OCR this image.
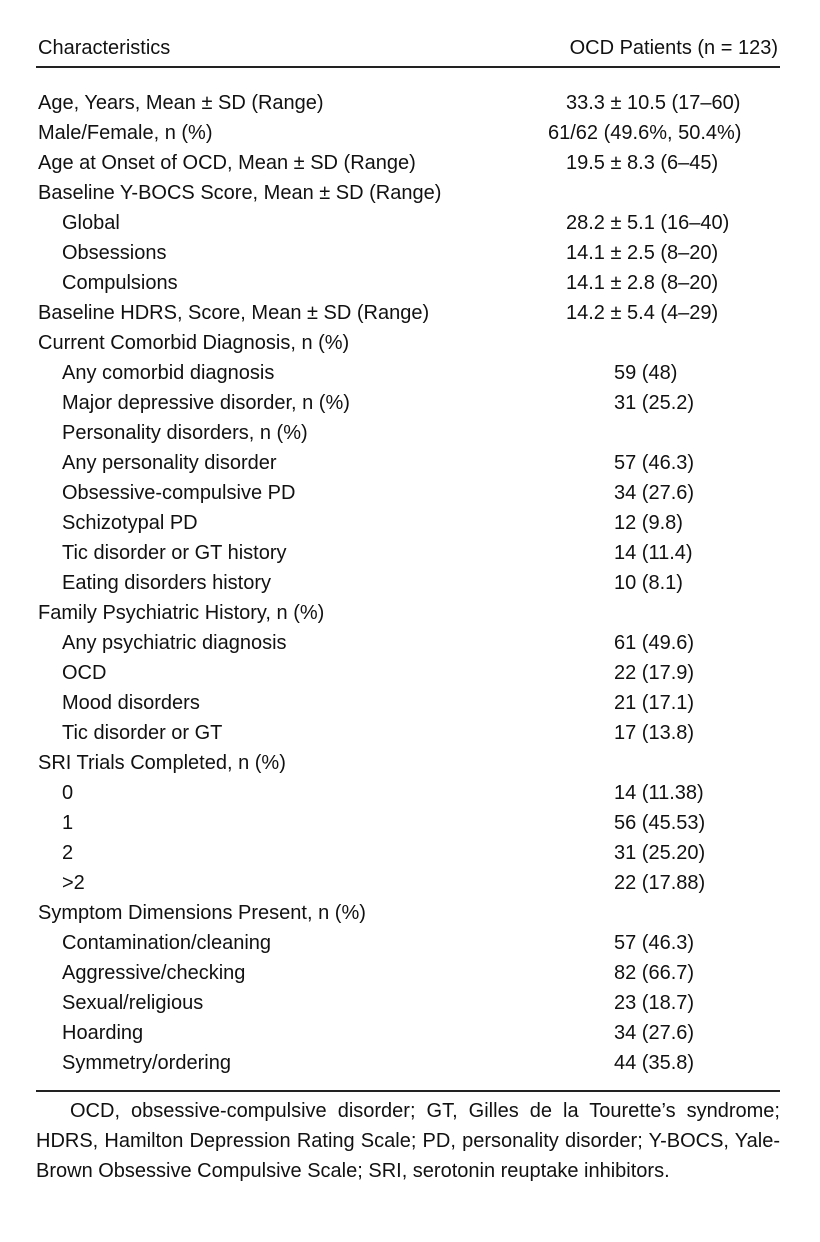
Characteristics	OCD Patients (n = 123)
Age, Years, Mean ± SD (Range)	33.3 ± 10.5 (17–60)
Male/Female, n (%)	61/62 (49.6%, 50.4%)
Age at Onset of OCD, Mean ± SD (Range)	19.5 ± 8.3 (6–45)
Baseline Y-BOCS Score, Mean ± SD (Range)
Global	28.2 ± 5.1 (16–40)
Obsessions	14.1 ± 2.5 (8–20)
Compulsions	14.1 ± 2.8 (8–20)
Baseline HDRS, Score, Mean ± SD (Range)	14.2 ± 5.4 (4–29)
Current Comorbid Diagnosis, n (%)
Any comorbid diagnosis	59 (48)
Major depressive disorder, n (%)	31 (25.2)
Personality disorders, n (%)
Any personality disorder	57 (46.3)
Obsessive-compulsive PD	34 (27.6)
Schizotypal PD	12 (9.8)
Tic disorder or GT history	14 (11.4)
Eating disorders history	10 (8.1)
Family Psychiatric History, n (%)
Any psychiatric diagnosis	61 (49.6)
OCD	22 (17.9)
Mood disorders	21 (17.1)
Tic disorder or GT	17 (13.8)
SRI Trials Completed, n (%)
0	14 (11.38)
1	56 (45.53)
2	31 (25.20)
>2	22 (17.88)
Symptom Dimensions Present, n (%)
Contamination/cleaning	57 (46.3)
Aggressive/checking	82 (66.7)
Sexual/religious	23 (18.7)
Hoarding	34 (27.6)
Symmetry/ordering	44 (35.8)
OCD, obsessive-compulsive disorder; GT, Gilles de la Tourette’s syndrome; HDRS, Hamilton Depression Rating Scale; PD, personality disorder; Y-BOCS, Yale-Brown Obsessive Compulsive Scale; SRI, serotonin reuptake inhibitors.
